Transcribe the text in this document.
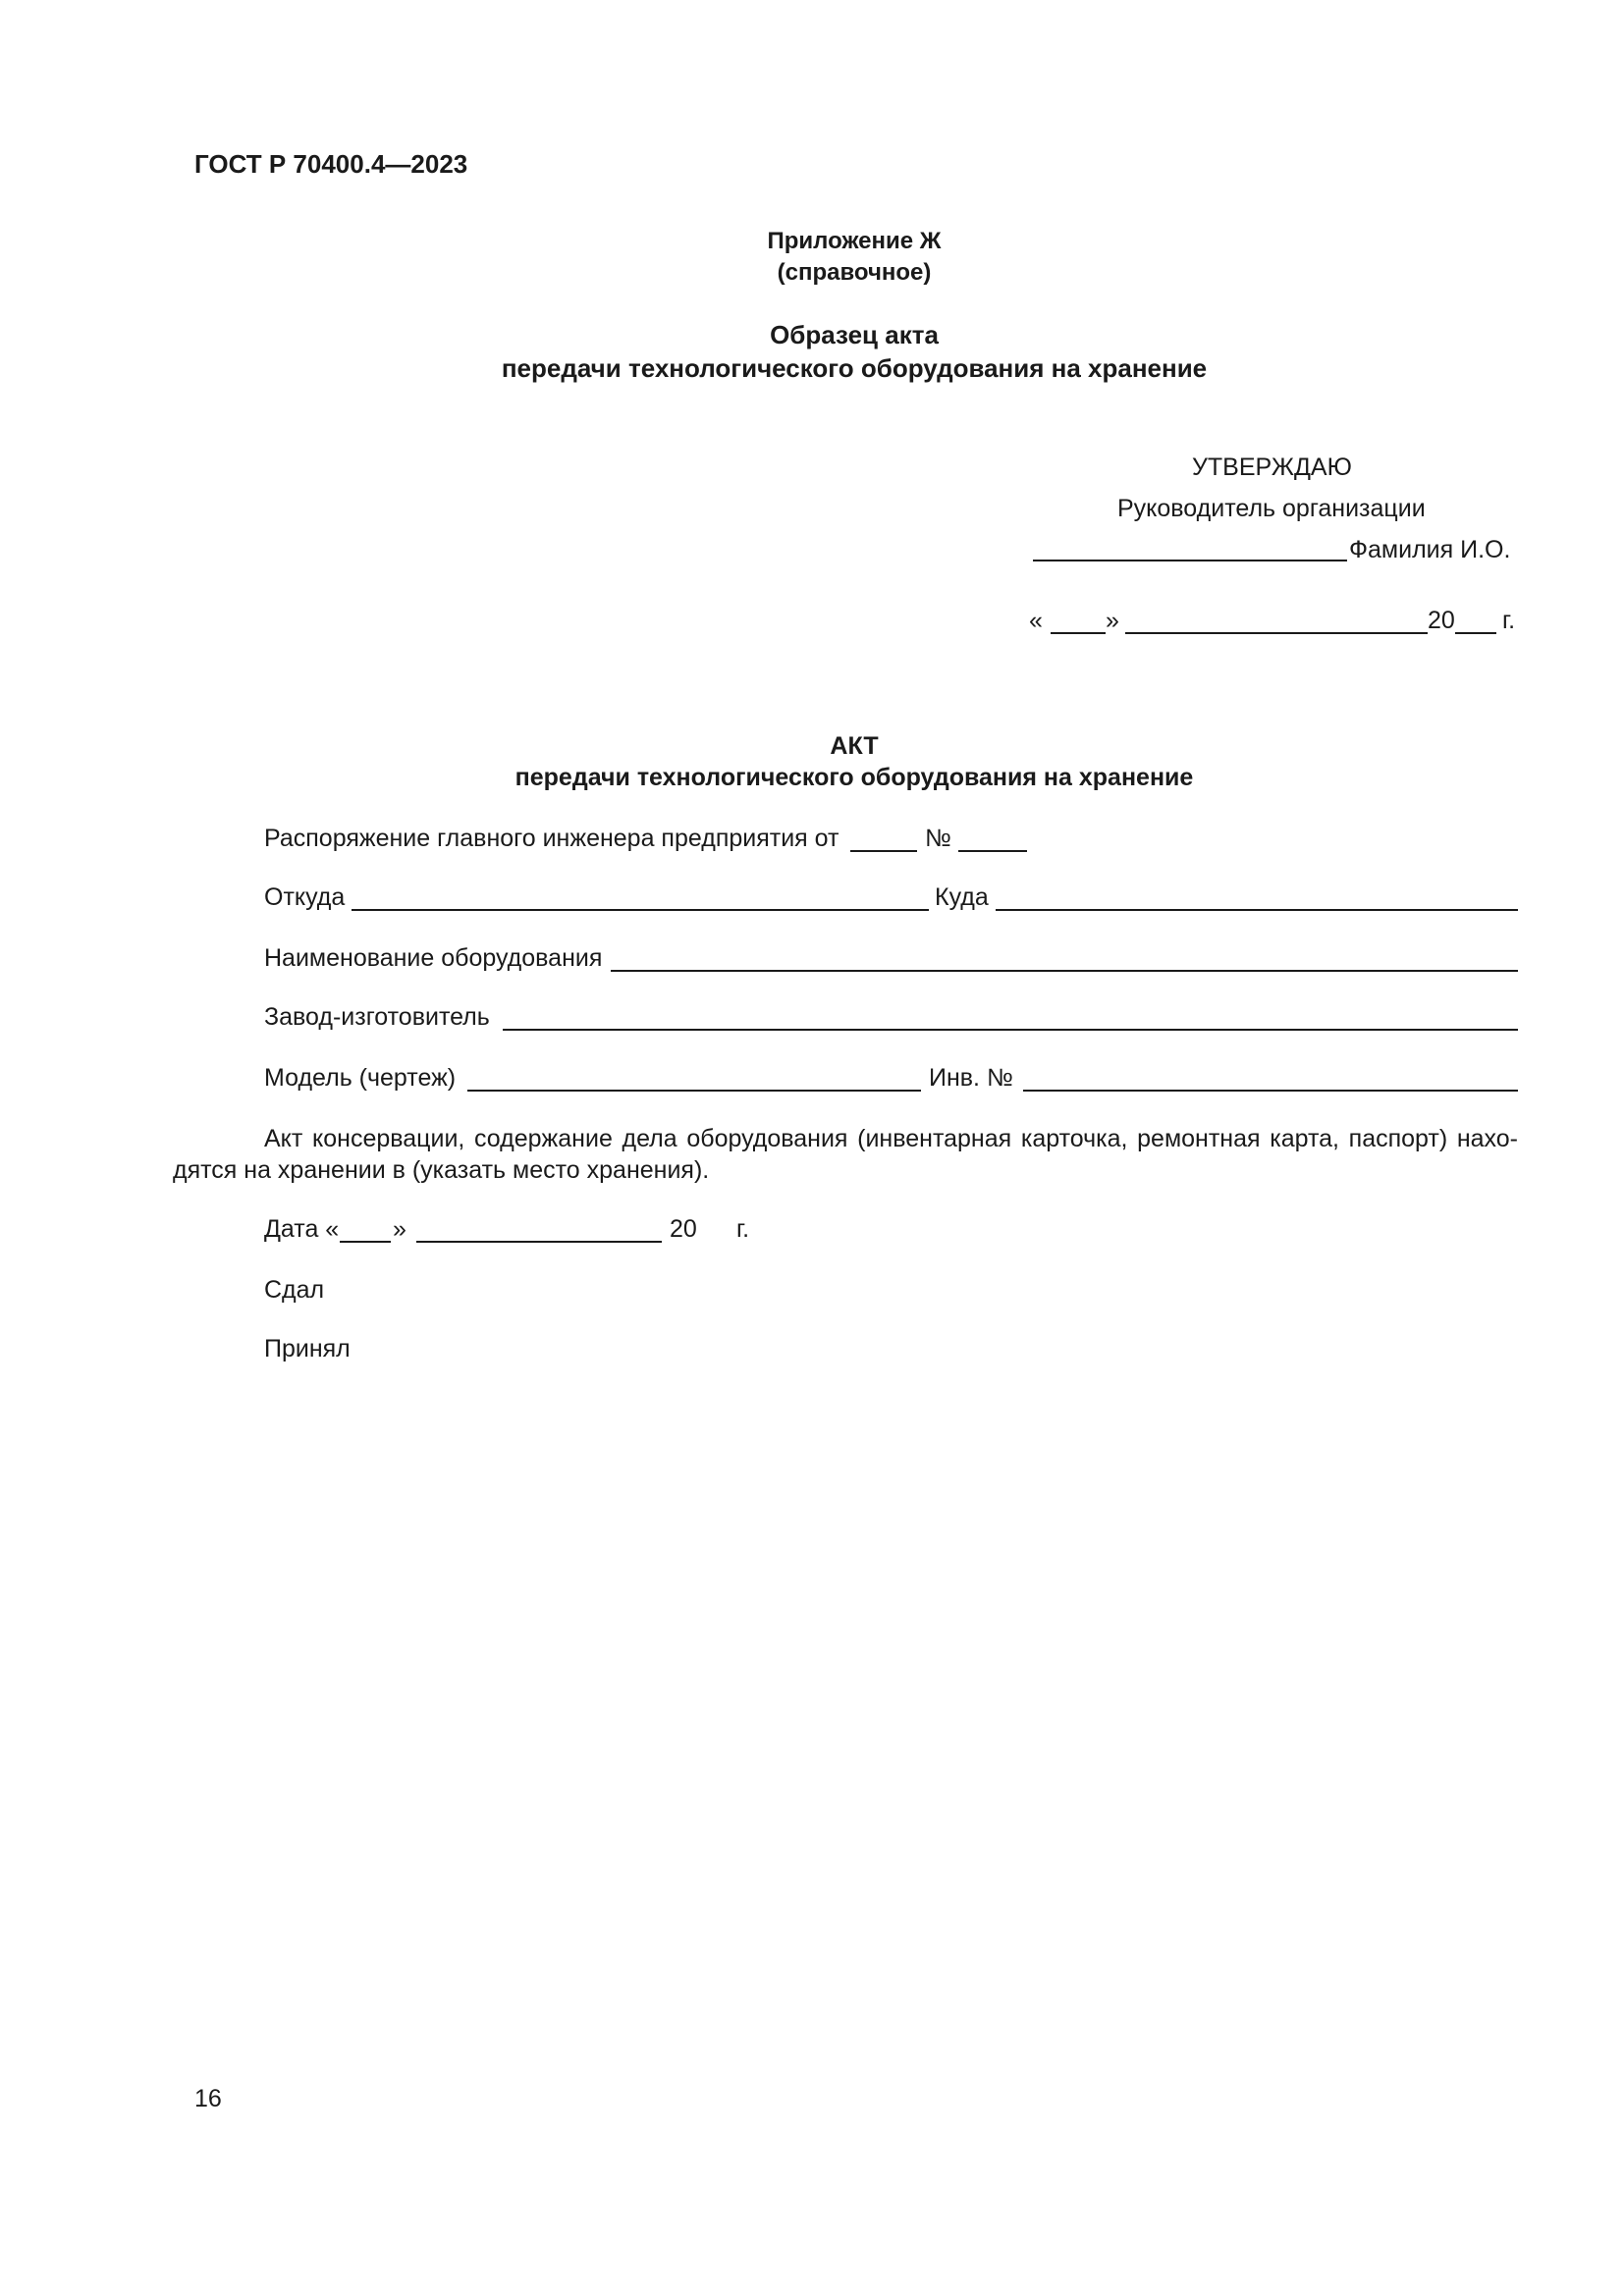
ГОСТ Р 70400.4—2023
Приложение Ж
(справочное)
Образец акта
передачи технологического оборудования на хранение
УТВЕРЖДАЮ
Руководитель организации
Фамилия И.О.
«	»	20 г.
АКТ
передачи технологического оборудования на хранение
Распоряжение главного инженера предприятия от	№
Откуда	Куда
Наименование оборудования
Завод-изготовитель
Модель (чертеж)	Инв. №
Акт консервации, содержание дела оборудования (инвентарная карточка, ремонтная карта, паспорт) нахо-
дятся на хранении в (указать место хранения).
Дата « »	20 г.
Сдал
Принял
16
